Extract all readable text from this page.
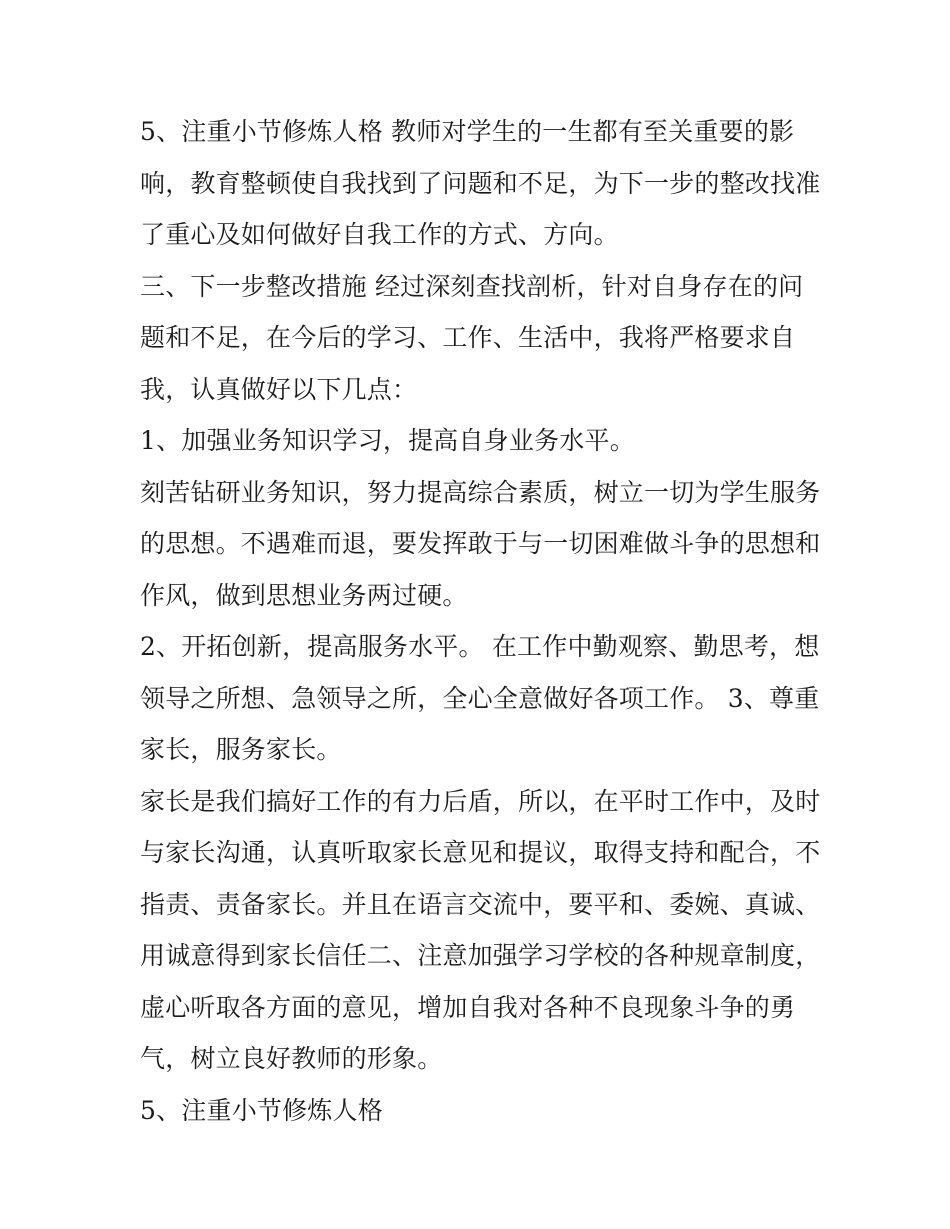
5、注重小节修炼人格 教师对学生的一生都有至关重要的影
响，教育整顿使自我找到了问题和不足，为下一步的整改找准
了重心及如何做好自我工作的方式、方向。
三、下一步整改措施 经过深刻查找剖析，针对自身存在的问
题和不足，在今后的学习、工作、生活中，我将严格要求自
我，认真做好以下几点：
1、加强业务知识学习，提高自身业务水平。
刻苦钻研业务知识，努力提高综合素质，树立一切为学生服务
的思想。不遇难而退，要发挥敢于与一切困难做斗争的思想和
作风，做到思想业务两过硬。
2、开拓创新，提高服务水平。 在工作中勤观察、勤思考，想
领导之所想、急领导之所，全心全意做好各项工作。 3、尊重
家长，服务家长。
家长是我们搞好工作的有力后盾，所以，在平时工作中，及时
与家长沟通，认真听取家长意见和提议，取得支持和配合，不
指责、责备家长。并且在语言交流中，要平和、委婉、真诚、
用诚意得到家长信任二、注意加强学习学校的各种规章制度，
虚心听取各方面的意见，增加自我对各种不良现象斗争的勇
气，树立良好教师的形象。
5、注重小节修炼人格
